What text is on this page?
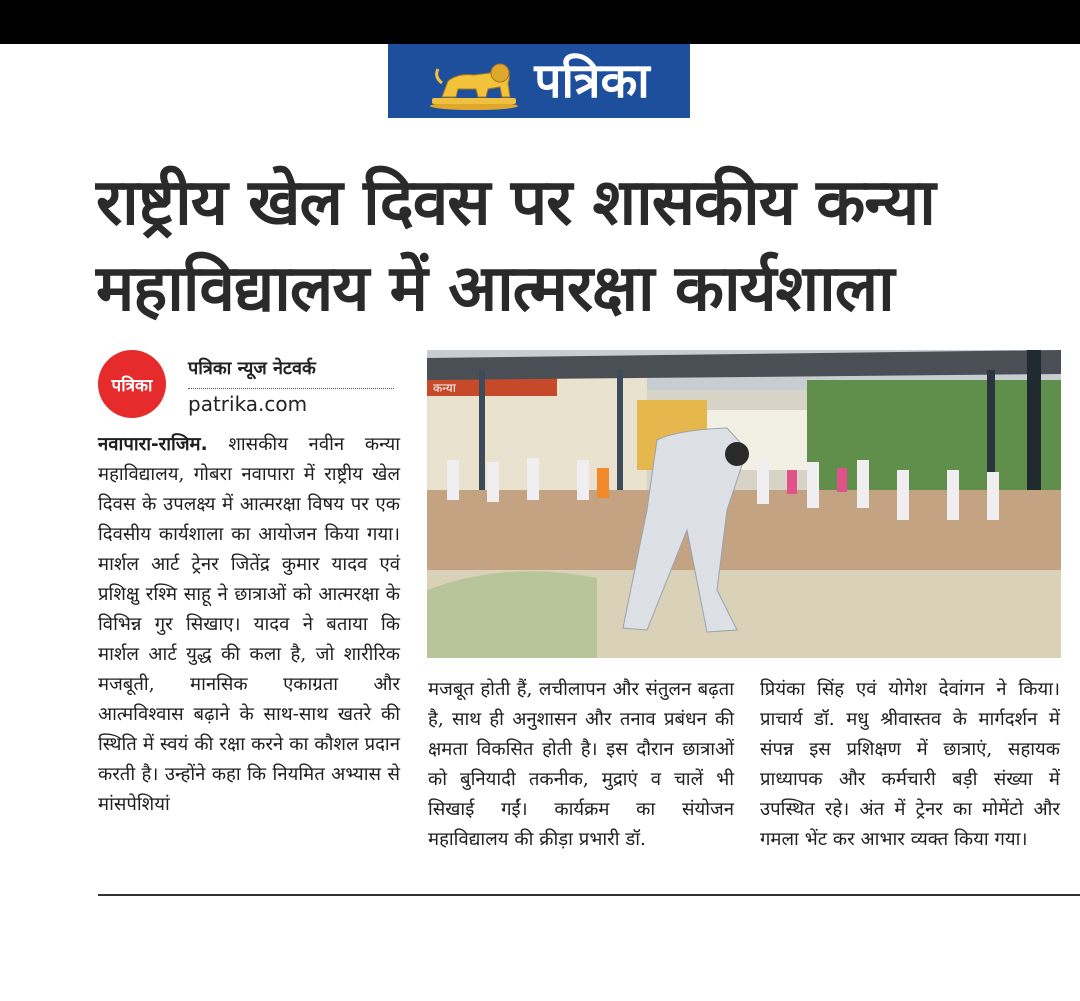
पत्रिका
राष्ट्रीय खेल दिवस पर शासकीय कन्या
महाविद्यालय में आत्मरक्षा कार्यशाला
पत्रिका
पत्रिका न्यूज नेटवर्क
patrika.com
कन्या

नवापारा-राजिम. शासकीय नवीन कन्या महाविद्यालय, गोबरा नवापारा में राष्ट्रीय खेल दिवस के उपलक्ष्य में आत्मरक्षा विषय पर एक दिवसीय कार्यशाला का आयोजन किया गया। मार्शल आर्ट ट्रेनर जितेंद्र कुमार यादव एवं प्रशिक्षु रश्मि साहू ने छात्राओं को आत्मरक्षा के विभिन्न गुर सिखाए। यादव ने बताया कि मार्शल आर्ट युद्ध की कला है, जो शारीरिक मजबूती, मानसिक एकाग्रता और आत्मविश्वास बढ़ाने के साथ-साथ खतरे की स्थिति में स्वयं की रक्षा करने का कौशल प्रदान करती है। उन्होंने कहा कि नियमित अभ्यास से मांसपेशियां

मजबूत होती हैं, लचीलापन और संतुलन बढ़ता है, साथ ही अनुशासन और तनाव प्रबंधन की क्षमता विकसित होती है। इस दौरान छात्राओं को बुनियादी तकनीक, मुद्राएं व चालें भी सिखाई गईं। कार्यक्रम का संयोजन महाविद्यालय की क्रीड़ा प्रभारी डॉ.

प्रियंका सिंह एवं योगेश देवांगन ने किया। प्राचार्य डॉ. मधु श्रीवास्तव के मार्गदर्शन में संपन्न इस प्रशिक्षण में छात्राएं, सहायक प्राध्यापक और कर्मचारी बड़ी संख्या में उपस्थित रहे। अंत में ट्रेनर का मोमेंटो और गमला भेंट कर आभार व्यक्त किया गया।
